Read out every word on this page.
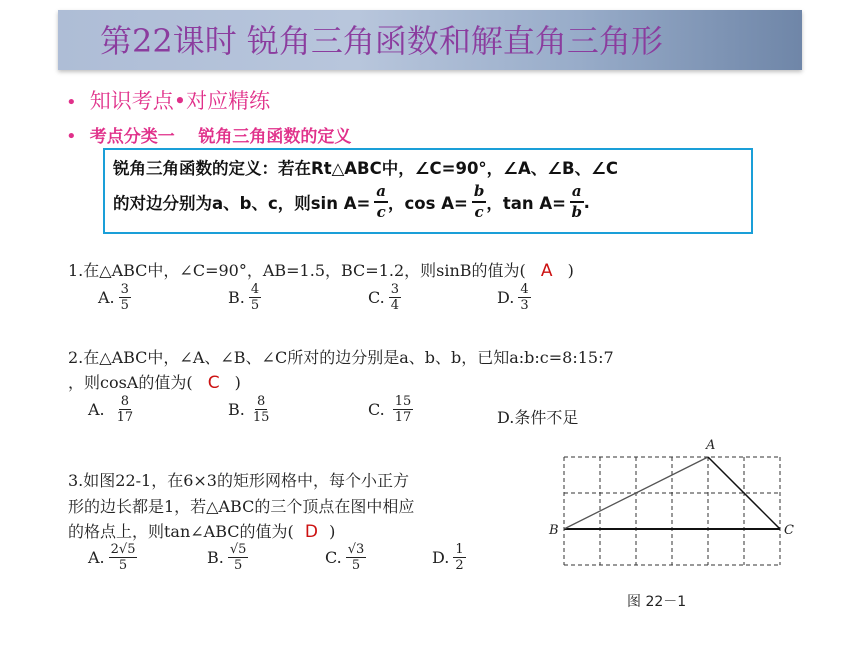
第22课时 锐角三角函数和解直角三角形
• 知识考点•对应精练
• 考点分类一    锐角三角函数的定义
锐角三角函数的定义：若在Rt△ABC中，∠C=90°，∠A、∠B、∠C
的对边分别为a、b、c，则$\sin A= \frac{a}{c}$ ，$\cos A= \frac{b}{c}$ ，$\tan A= \frac{a}{b}$ .
1.在△ABC中，∠C=90°，AB=1.5，BC=1.2，则sinB的值为( A )
A. $\frac{3}{5}$	B. $\frac{4}{5}$	C. $\frac{3}{4}$	D. $\frac{4}{3}$
2.在△ABC中，∠A、∠B、∠C所对的边分别是a、b、b，已知a:b:c=8:15:7
，则cosA的值为( C )
A. $\frac{8}{17}$	B. $\frac{8}{15}$	C. $\frac{15}{17}$	D.条件不足
3.如图22-1，在6×3的矩形网格中，每个小正方
形的边长都是1，若△ABC的三个顶点在图中相应
的格点上，则tan∠ABC的值为( D )
A. $\frac{2√5}{5}$	B. $\frac{√5}{5}$	C. $\frac{√3}{5}$	D. $\frac{1}{2}$
A
B	C
图 22－1
